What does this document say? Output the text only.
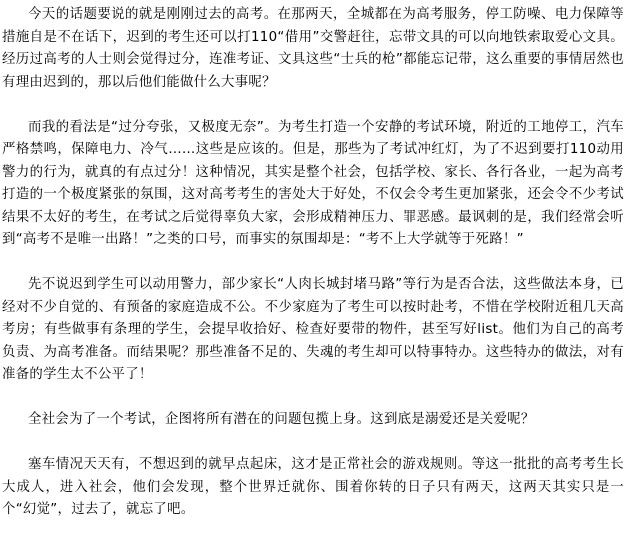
今天的话题要说的就是刚刚过去的高考。在那两天，全城都在为高考服务，停工防噪、电力保障等措施自是不在话下，迟到的考生还可以打110“借用”交警赶往，忘带文具的可以向地铁索取爱心文具。经历过高考的人士则会觉得过分，连准考证、文具这些“士兵的枪”都能忘记带，这么重要的事情居然也有理由迟到的，那以后他们能做什么大事呢？

而我的看法是“过分夸张，又极度无奈”。为考生打造一个安静的考试环境，附近的工地停工，汽车严格禁鸣，保障电力、冷气……这些是应该的。但是，那些为了考试冲红灯，为了不迟到要打110动用警力的行为，就真的有点过分！这种情况，其实是整个社会，包括学校、家长、各行各业，一起为高考打造的一个极度紧张的氛围，这对高考考生的害处大于好处，不仅会令考生更加紧张，还会令不少考试结果不太好的考生，在考试之后觉得辜负大家，会形成精神压力、罪恶感。最讽刺的是，我们经常会听到“高考不是唯一出路！”之类的口号，而事实的氛围却是：“考不上大学就等于死路！”

先不说迟到学生可以动用警力，部少家长“人肉长城封堵马路”等行为是否合法，这些做法本身，已经对不少自觉的、有预备的家庭造成不公。不少家庭为了考生可以按时赴考，不惜在学校附近租几天高考房；有些做事有条理的学生，会提早收拾好、检查好要带的物件，甚至写好list。他们为自己的高考负责、为高考准备。而结果呢？那些准备不足的、失魂的考生却可以特事特办。这些特办的做法，对有准备的学生太不公平了！

全社会为了一个考试，企图将所有潜在的问题包揽上身。这到底是溺爱还是关爱呢？

塞车情况天天有，不想迟到的就早点起床，这才是正常社会的游戏规则。等这一批批的高考考生长大成人，进入社会，他们会发现，整个世界迁就你、围着你转的日子只有两天，这两天其实只是一个“幻觉”，过去了，就忘了吧。
